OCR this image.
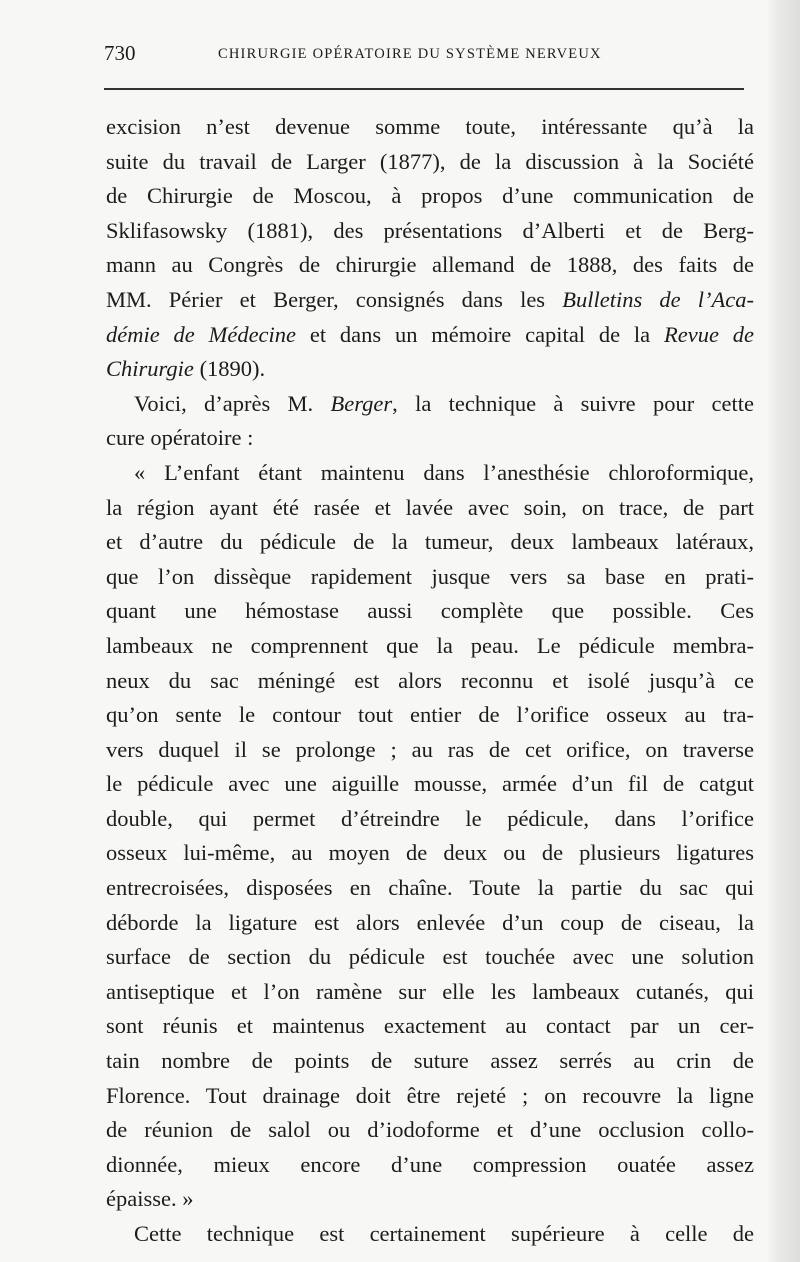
730	CHIRURGIE OPÉRATOIRE DU SYSTÈME NERVEUX

excision n’est devenue somme toute, intéressante qu’à la
suite du travail de Larger (1877), de la discussion à la Société
de Chirurgie de Moscou, à propos d’une communication de
Sklifasowsky (1881), des présentations d’Alberti et de Berg-
mann au Congrès de chirurgie allemand de 1888, des faits de
MM. Périer et Berger, consignés dans les Bulletins de l’Aca-
démie de Médecine et dans un mémoire capital de la Revue de
Chirurgie (1890).

Voici, d’après M. Berger, la technique à suivre pour cette
cure opératoire :

« L’enfant étant maintenu dans l’anesthésie chloroformique,
la région ayant été rasée et lavée avec soin, on trace, de part
et d’autre du pédicule de la tumeur, deux lambeaux latéraux,
que l’on dissèque rapidement jusque vers sa base en prati-
quant une hémostase aussi complète que possible. Ces
lambeaux ne comprennent que la peau. Le pédicule membra-
neux du sac méningé est alors reconnu et isolé jusqu’à ce
qu’on sente le contour tout entier de l’orifice osseux au tra-
vers duquel il se prolonge ; au ras de cet orifice, on traverse
le pédicule avec une aiguille mousse, armée d’un fil de catgut
double, qui permet d’étreindre le pédicule, dans l’orifice
osseux lui-même, au moyen de deux ou de plusieurs ligatures
entrecroisées, disposées en chaîne. Toute la partie du sac qui
déborde la ligature est alors enlevée d’un coup de ciseau, la
surface de section du pédicule est touchée avec une solution
antiseptique et l’on ramène sur elle les lambeaux cutanés, qui
sont réunis et maintenus exactement au contact par un cer-
tain nombre de points de suture assez serrés au crin de
Florence. Tout drainage doit être rejeté ; on recouvre la ligne
de réunion de salol ou d’iodoforme et d’une occlusion collo-
dionnée, mieux encore d’une compression ouatée assez
épaisse. »

Cette technique est certainement supérieure à celle de
